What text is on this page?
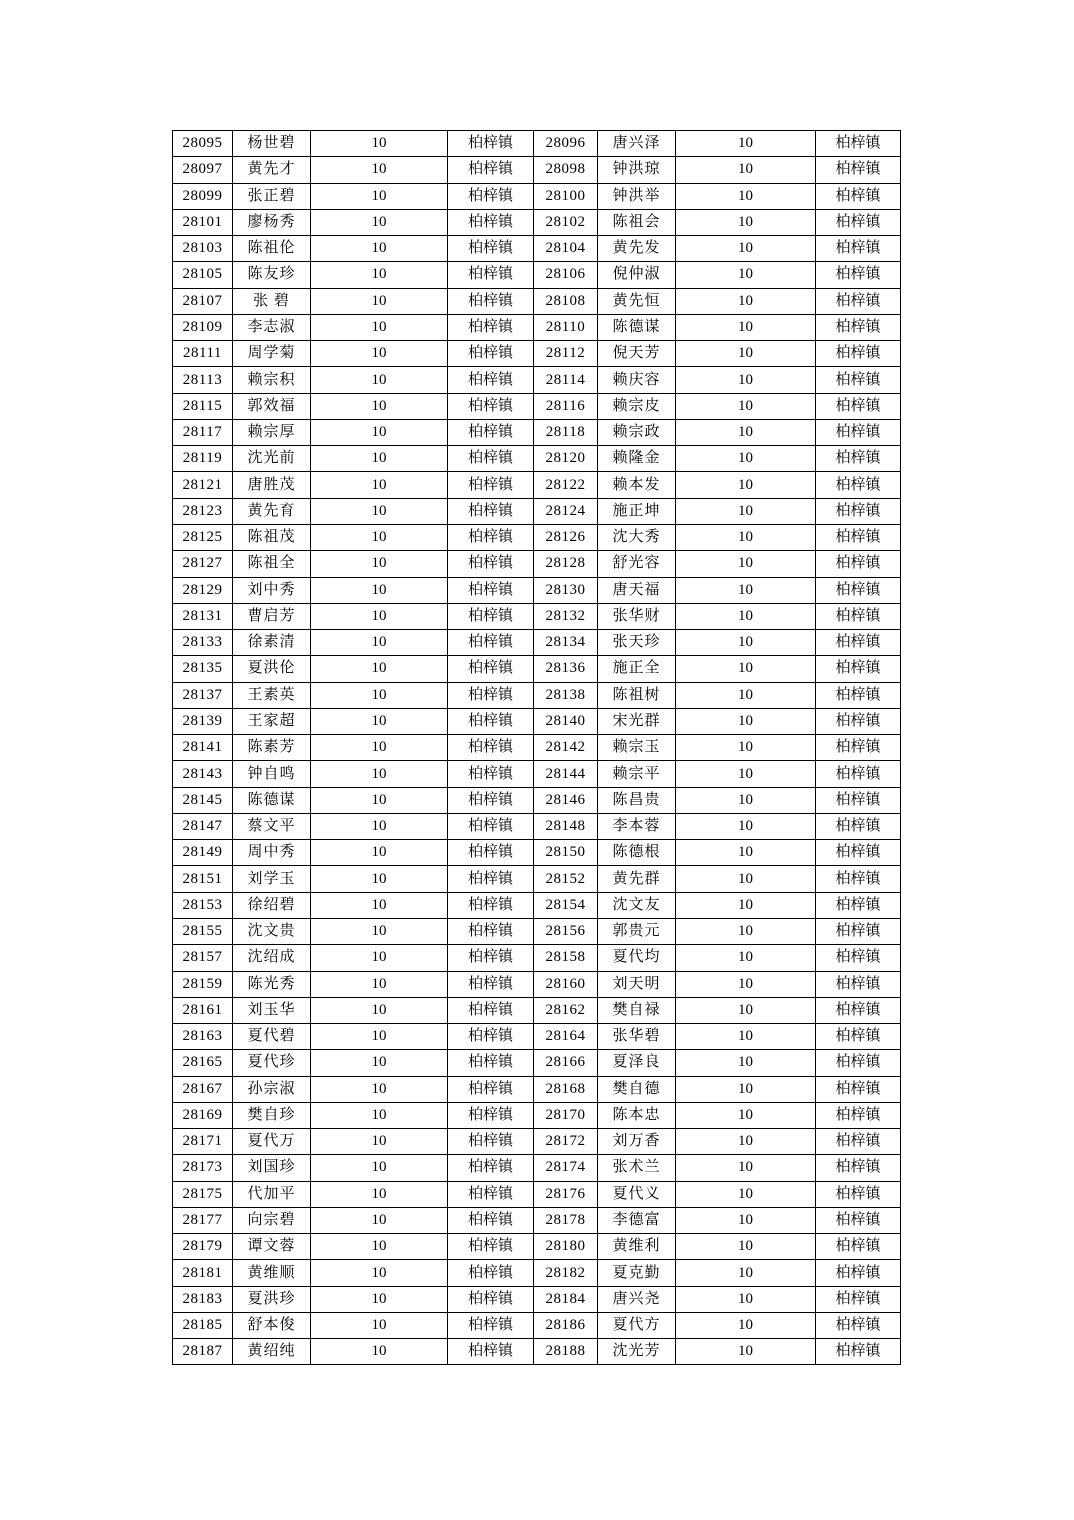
28095	杨世碧	10	柏梓镇	28096	唐兴泽	10	柏梓镇
28097	黄先才	10	柏梓镇	28098	钟洪琼	10	柏梓镇
28099	张正碧	10	柏梓镇	28100	钟洪举	10	柏梓镇
28101	廖杨秀	10	柏梓镇	28102	陈祖会	10	柏梓镇
28103	陈祖伦	10	柏梓镇	28104	黄先发	10	柏梓镇
28105	陈友珍	10	柏梓镇	28106	倪仲淑	10	柏梓镇
28107	张 碧	10	柏梓镇	28108	黄先恒	10	柏梓镇
28109	李志淑	10	柏梓镇	28110	陈德谋	10	柏梓镇
28111	周学菊	10	柏梓镇	28112	倪天芳	10	柏梓镇
28113	赖宗积	10	柏梓镇	28114	赖庆容	10	柏梓镇
28115	郭效福	10	柏梓镇	28116	赖宗皮	10	柏梓镇
28117	赖宗厚	10	柏梓镇	28118	赖宗政	10	柏梓镇
28119	沈光前	10	柏梓镇	28120	赖隆金	10	柏梓镇
28121	唐胜茂	10	柏梓镇	28122	赖本发	10	柏梓镇
28123	黄先育	10	柏梓镇	28124	施正坤	10	柏梓镇
28125	陈祖茂	10	柏梓镇	28126	沈大秀	10	柏梓镇
28127	陈祖全	10	柏梓镇	28128	舒光容	10	柏梓镇
28129	刘中秀	10	柏梓镇	28130	唐天福	10	柏梓镇
28131	曹启芳	10	柏梓镇	28132	张华财	10	柏梓镇
28133	徐素清	10	柏梓镇	28134	张天珍	10	柏梓镇
28135	夏洪伦	10	柏梓镇	28136	施正全	10	柏梓镇
28137	王素英	10	柏梓镇	28138	陈祖树	10	柏梓镇
28139	王家超	10	柏梓镇	28140	宋光群	10	柏梓镇
28141	陈素芳	10	柏梓镇	28142	赖宗玉	10	柏梓镇
28143	钟自鸣	10	柏梓镇	28144	赖宗平	10	柏梓镇
28145	陈德谋	10	柏梓镇	28146	陈昌贵	10	柏梓镇
28147	蔡文平	10	柏梓镇	28148	李本蓉	10	柏梓镇
28149	周中秀	10	柏梓镇	28150	陈德根	10	柏梓镇
28151	刘学玉	10	柏梓镇	28152	黄先群	10	柏梓镇
28153	徐绍碧	10	柏梓镇	28154	沈文友	10	柏梓镇
28155	沈文贵	10	柏梓镇	28156	郭贵元	10	柏梓镇
28157	沈绍成	10	柏梓镇	28158	夏代均	10	柏梓镇
28159	陈光秀	10	柏梓镇	28160	刘天明	10	柏梓镇
28161	刘玉华	10	柏梓镇	28162	樊自禄	10	柏梓镇
28163	夏代碧	10	柏梓镇	28164	张华碧	10	柏梓镇
28165	夏代珍	10	柏梓镇	28166	夏泽良	10	柏梓镇
28167	孙宗淑	10	柏梓镇	28168	樊自德	10	柏梓镇
28169	樊自珍	10	柏梓镇	28170	陈本忠	10	柏梓镇
28171	夏代万	10	柏梓镇	28172	刘万香	10	柏梓镇
28173	刘国珍	10	柏梓镇	28174	张术兰	10	柏梓镇
28175	代加平	10	柏梓镇	28176	夏代义	10	柏梓镇
28177	向宗碧	10	柏梓镇	28178	李德富	10	柏梓镇
28179	谭文蓉	10	柏梓镇	28180	黄维利	10	柏梓镇
28181	黄维顺	10	柏梓镇	28182	夏克勤	10	柏梓镇
28183	夏洪珍	10	柏梓镇	28184	唐兴尧	10	柏梓镇
28185	舒本俊	10	柏梓镇	28186	夏代方	10	柏梓镇
28187	黄绍纯	10	柏梓镇	28188	沈光芳	10	柏梓镇
